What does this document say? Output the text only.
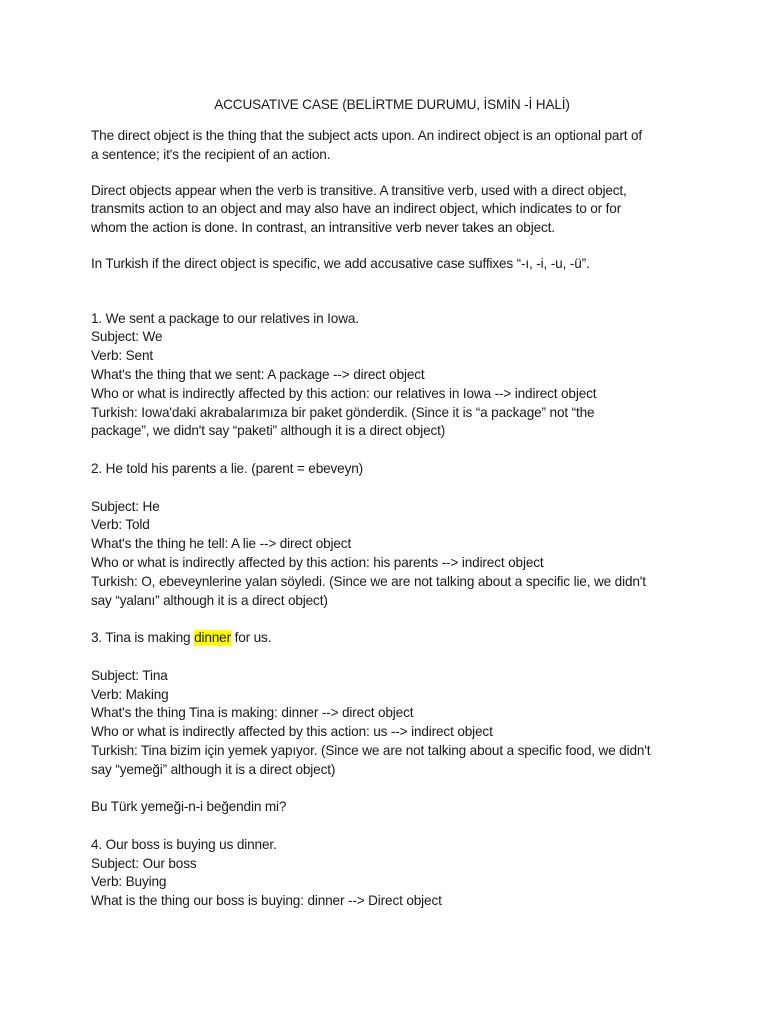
ACCUSATIVE CASE (BELİRTME DURUMU, İSMİN -İ HALİ)
The direct object is the thing that the subject acts upon. An indirect object is an optional part of
a sentence; it's the recipient of an action.
Direct objects appear when the verb is transitive. A transitive verb, used with a direct object,
transmits action to an object and may also have an indirect object, which indicates to or for
whom the action is done. In contrast, an intransitive verb never takes an object.
In Turkish if the direct object is specific, we add accusative case suffixes “-ı, -i, -u, -ü”.
1. We sent a package to our relatives in Iowa.
Subject: We
Verb: Sent
What's the thing that we sent: A package --> direct object
Who or what is indirectly affected by this action: our relatives in Iowa --> indirect object
Turkish: Iowa'daki akrabalarımıza bir paket gönderdik. (Since it is “a package” not “the
package”, we didn't say “paketi” although it is a direct object)
2. He told his parents a lie. (parent = ebeveyn)

Subject: He
Verb: Told
What's the thing he tell: A lie --> direct object
Who or what is indirectly affected by this action: his parents --> indirect object
Turkish: O, ebeveynlerine yalan söyledi. (Since we are not talking about a specific lie, we didn't
say “yalanı” although it is a direct object)
3. Tina is making dinner for us.

Subject: Tina
Verb: Making
What's the thing Tina is making: dinner --> direct object
Who or what is indirectly affected by this action: us --> indirect object
Turkish: Tina bizim için yemek yapıyor. (Since we are not talking about a specific food, we didn't
say “yemeği” although it is a direct object)

Bu Türk yemeği-n-i beğendin mi?
4. Our boss is buying us dinner.
Subject: Our boss
Verb: Buying
What is the thing our boss is buying: dinner --> Direct object
